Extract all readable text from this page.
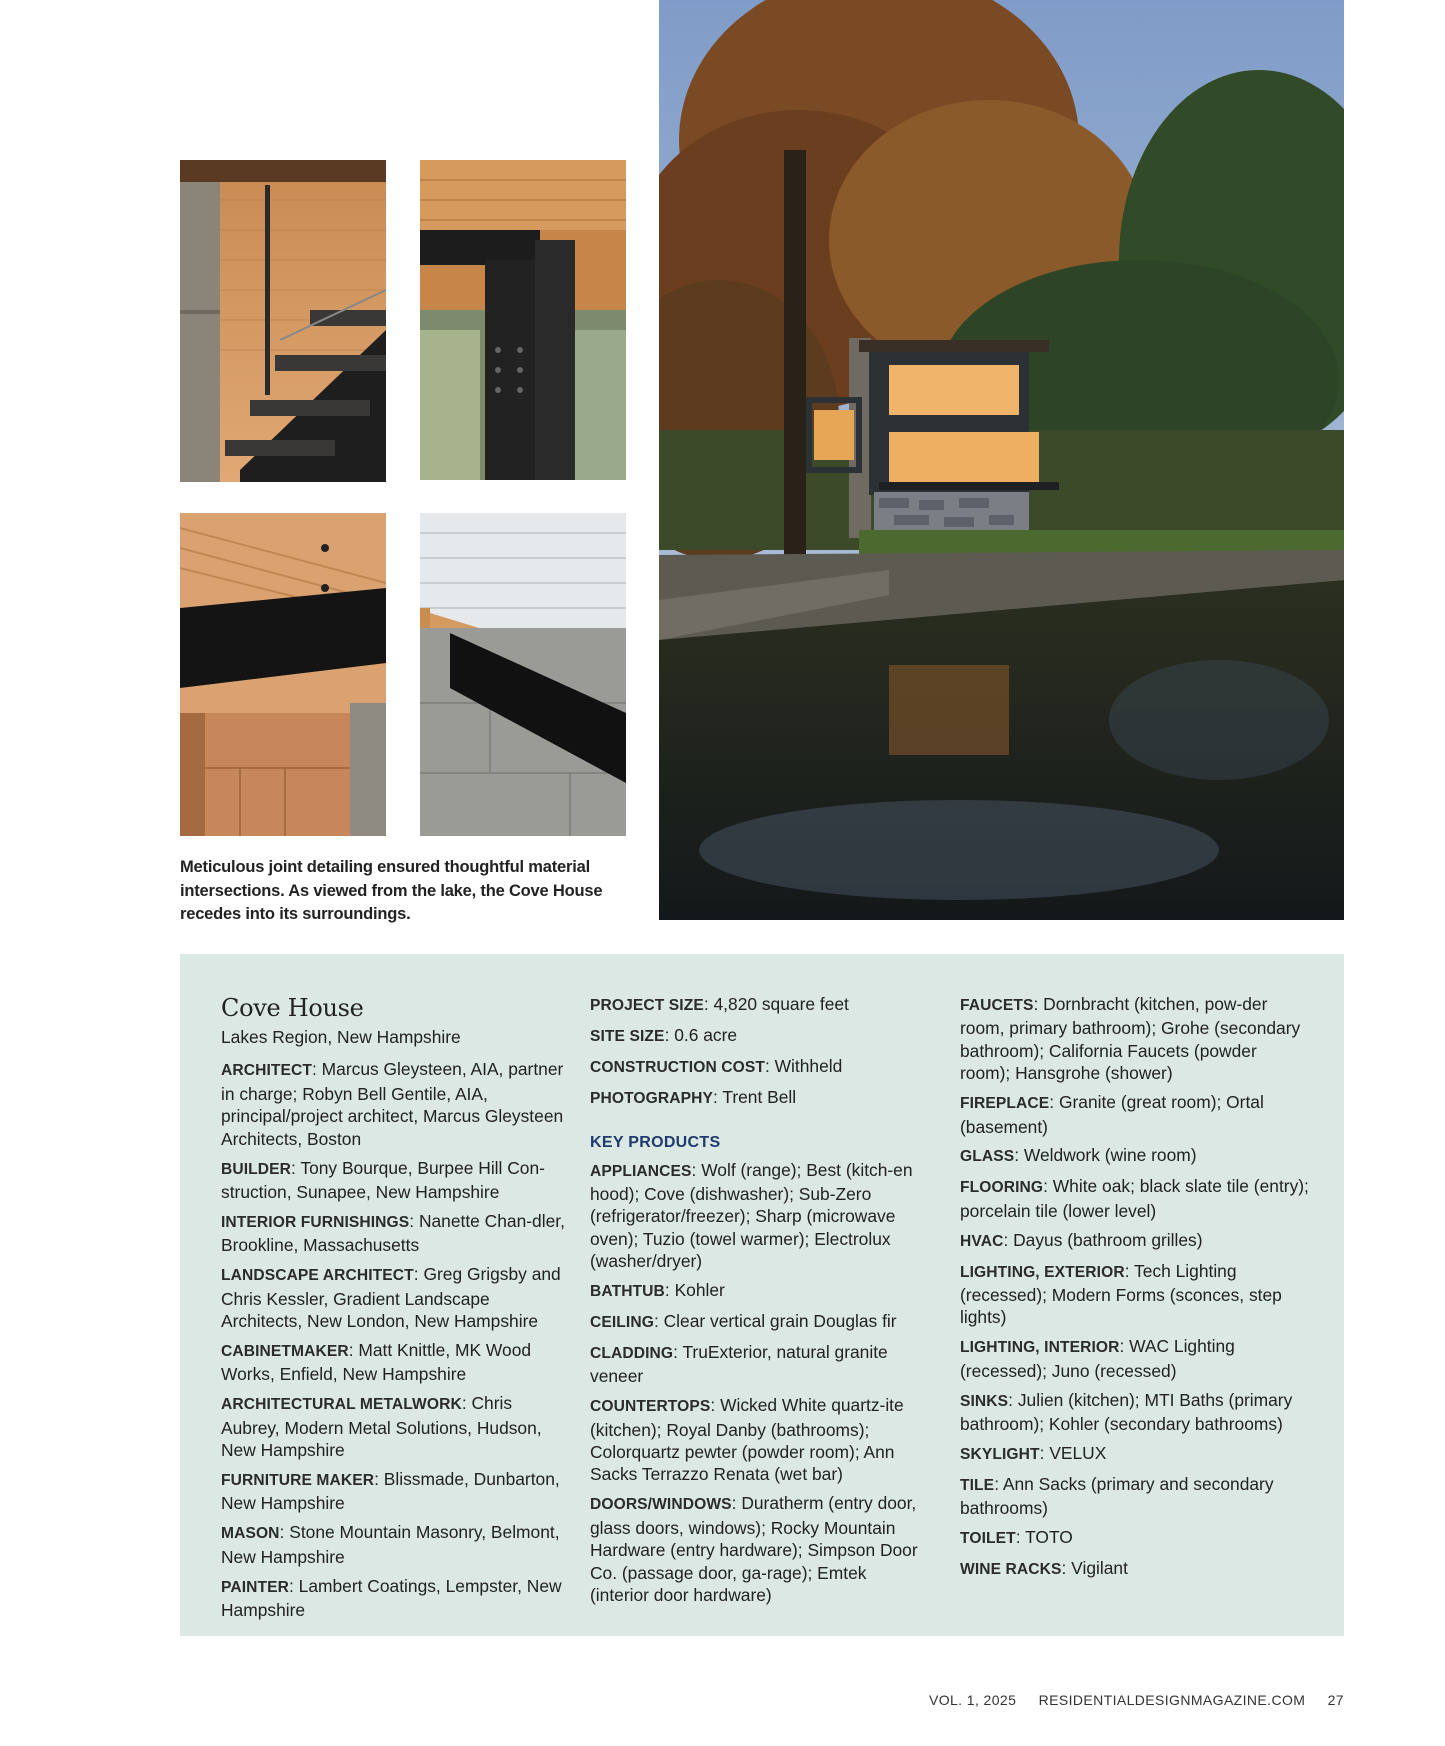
Meticulous joint detailing ensured thoughtful material intersections. As viewed from the lake, the Cove House recedes into its surroundings.
Cove House
Lakes Region, New Hampshire
ARCHITECT: Marcus Gleysteen, AIA, partner in charge; Robyn Bell Gentile, AIA, principal/project architect, Marcus Gleysteen Architects, Boston
BUILDER: Tony Bourque, Burpee Hill Con-struction, Sunapee, New Hampshire
INTERIOR FURNISHINGS: Nanette Chan-dler, Brookline, Massachusetts
LANDSCAPE ARCHITECT: Greg Grigsby and Chris Kessler, Gradient Landscape Architects, New London, New Hampshire
CABINETMAKER: Matt Knittle, MK Wood Works, Enfield, New Hampshire
ARCHITECTURAL METALWORK: Chris Aubrey, Modern Metal Solutions, Hudson, New Hampshire
FURNITURE MAKER: Blissmade, Dunbarton, New Hampshire
MASON: Stone Mountain Masonry, Belmont, New Hampshire
PAINTER: Lambert Coatings, Lempster, New Hampshire
PROJECT SIZE: 4,820 square feet
SITE SIZE: 0.6 acre
CONSTRUCTION COST: Withheld
PHOTOGRAPHY: Trent Bell
KEY PRODUCTS
APPLIANCES: Wolf (range); Best (kitch-en hood); Cove (dishwasher); Sub-Zero (refrigerator/freezer); Sharp (microwave oven); Tuzio (towel warmer); Electrolux (washer/dryer)
BATHTUB: Kohler
CEILING: Clear vertical grain Douglas fir
CLADDING: TruExterior, natural granite veneer
COUNTERTOPS: Wicked White quartz-ite (kitchen); Royal Danby (bathrooms); Colorquartz pewter (powder room); Ann Sacks Terrazzo Renata (wet bar)
DOORS/WINDOWS: Duratherm (entry door, glass doors, windows); Rocky Mountain Hardware (entry hardware); Simpson Door Co. (passage door, ga-rage); Emtek (interior door hardware)
FAUCETS: Dornbracht (kitchen, pow-der room, primary bathroom); Grohe (secondary bathroom); California Faucets (powder room); Hansgrohe (shower)
FIREPLACE: Granite (great room); Ortal (basement)
GLASS: Weldwork (wine room)
FLOORING: White oak; black slate tile (entry); porcelain tile (lower level)
HVAC: Dayus (bathroom grilles)
LIGHTING, EXTERIOR: Tech Lighting (recessed); Modern Forms (sconces, step lights)
LIGHTING, INTERIOR: WAC Lighting (recessed); Juno (recessed)
SINKS: Julien (kitchen); MTI Baths (primary bathroom); Kohler (secondary bathrooms)
SKYLIGHT: VELUX
TILE: Ann Sacks (primary and secondary bathrooms)
TOILET: TOTO
WINE RACKS: Vigilant
VOL. 1, 2025 RESIDENTIALDESIGNMAGAZINE.COM 27
